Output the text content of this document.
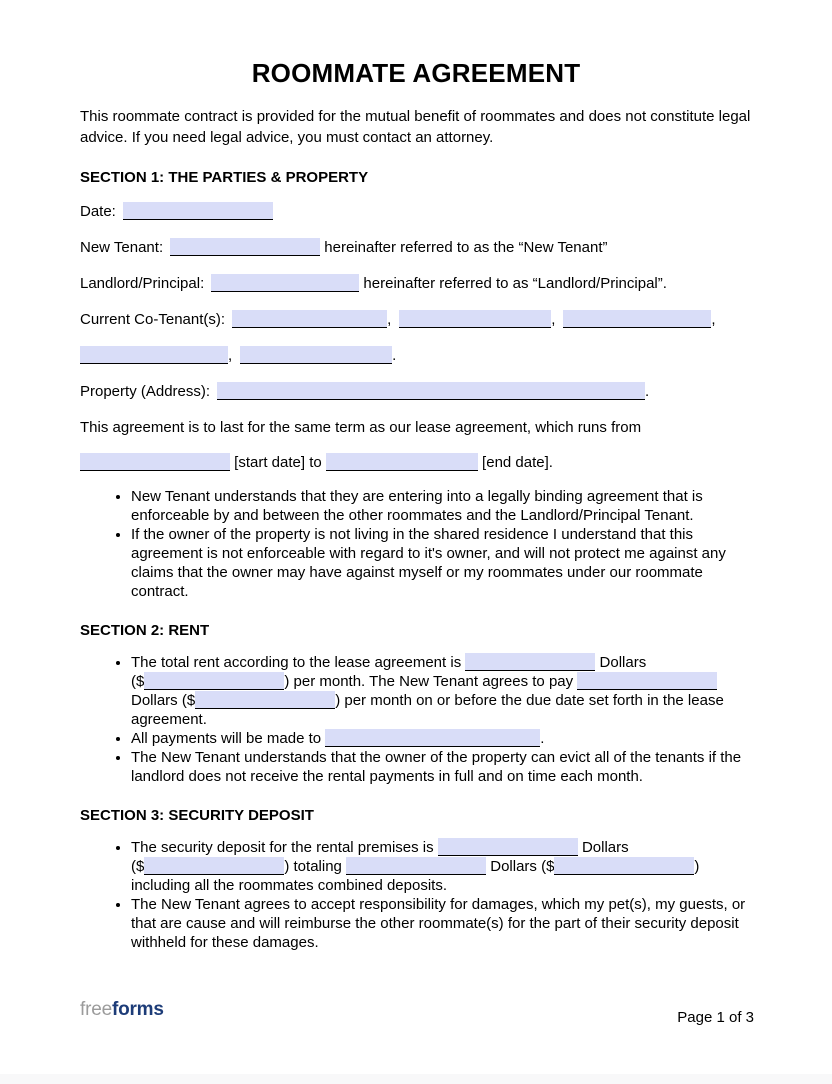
ROOMMATE AGREEMENT

This roommate contract is provided for the mutual benefit of roommates and does not constitute legal advice. If you need legal advice, you must contact an attorney.

SECTION 1: THE PARTIES & PROPERTY

Date:

New Tenant:	hereinafter referred to as the “New Tenant”

Landlord/Principal:	hereinafter referred to as “Landlord/Principal”.

Current Co-Tenant(s):	,	,	,

,	.

Property (Address):	.

This agreement is to last for the same term as our lease agreement, which runs from

[start date] to	[end date].

• New Tenant understands that they are entering into a legally binding agreement that is enforceable by and between the other roommates and the Landlord/Principal Tenant.
• If the owner of the property is not living in the shared residence I understand that this agreement is not enforceable with regard to it's owner, and will not protect me against any claims that the owner may have against myself or my roommates under our roommate contract.
SECTION 2: RENT
• The total rent according to the lease agreement is	Dollars ($	) per month. The New Tenant agrees to pay  Dollars ($	) per month on or before the due date set forth in the lease agreement.
• All payments will be made to	.
• The New Tenant understands that the owner of the property can evict all of the tenants if the landlord does not receive the rental payments in full and on time each month.
SECTION 3: SECURITY DEPOSIT
• The security deposit for the rental premises is	Dollars ($	) totaling	Dollars ($	) including all the roommates combined deposits.
• The New Tenant agrees to accept responsibility for damages, which my pet(s), my guests, or that are cause and will reimburse the other roommate(s) for the part of their security deposit withheld for these damages.
freeforms	Page 1 of 3
